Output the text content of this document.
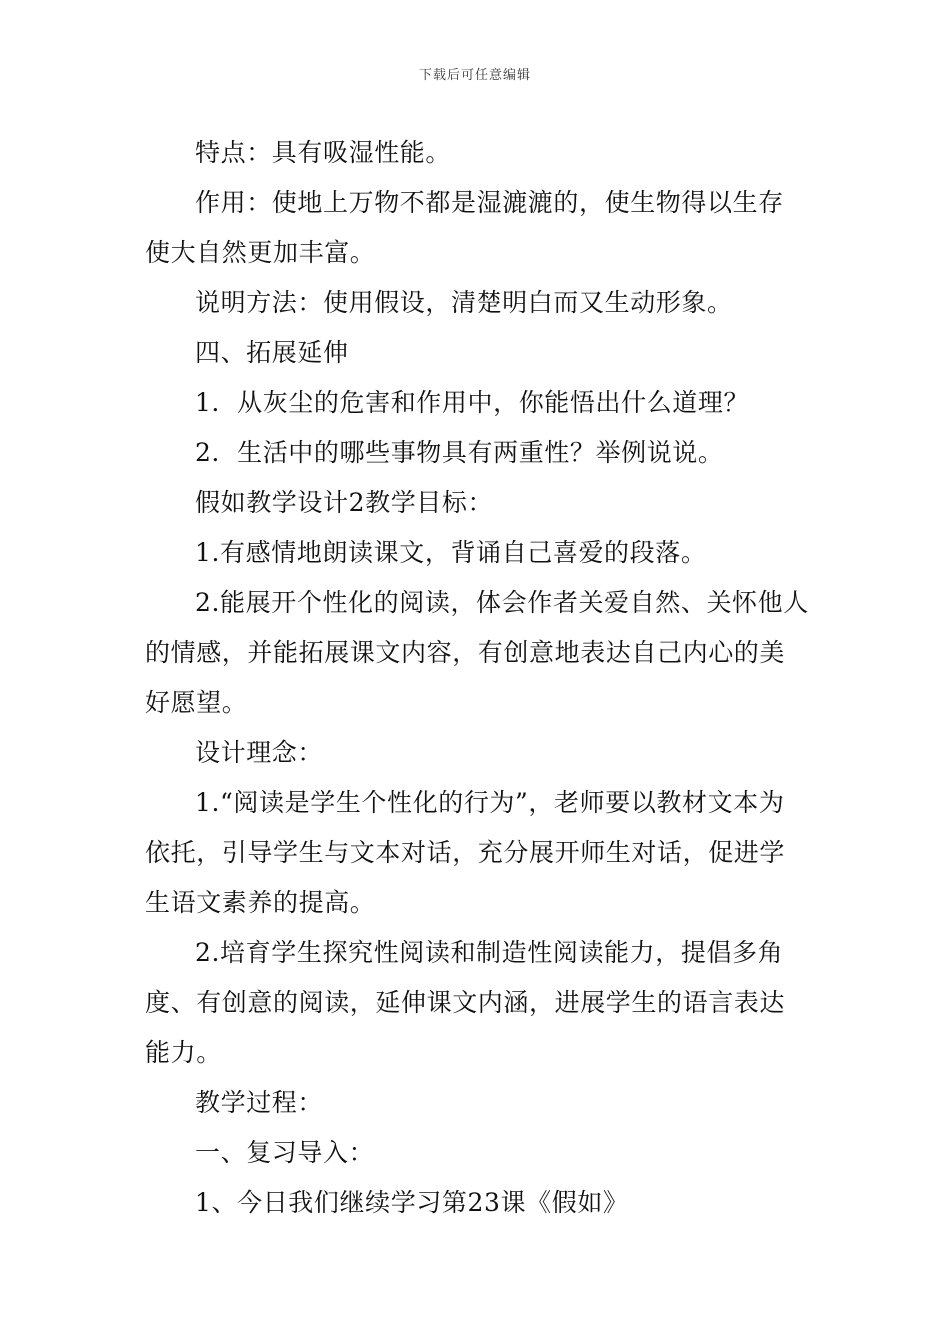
下载后可任意编辑

特点：具有吸湿性能。

作用：使地上万物不都是湿漉漉的，使生物得以生存使大自然更加丰富。

说明方法：使用假设，清楚明白而又生动形象。

四、拓展延伸

1．从灰尘的危害和作用中，你能悟出什么道理？

2．生活中的哪些事物具有两重性？举例说说。

假如教学设计2教学目标：

1.有感情地朗读课文，背诵自己喜爱的段落。

2.能展开个性化的阅读，体会作者关爱自然、关怀他人的情感，并能拓展课文内容，有创意地表达自己内心的美好愿望。

设计理念：

1.“阅读是学生个性化的行为”，老师要以教材文本为依托，引导学生与文本对话，充分展开师生对话，促进学生语文素养的提高。

2.培育学生探究性阅读和制造性阅读能力，提倡多角度、有创意的阅读，延伸课文内涵，进展学生的语言表达能力。

教学过程：

一、复习导入：

1、今日我们继续学习第23课《假如》
